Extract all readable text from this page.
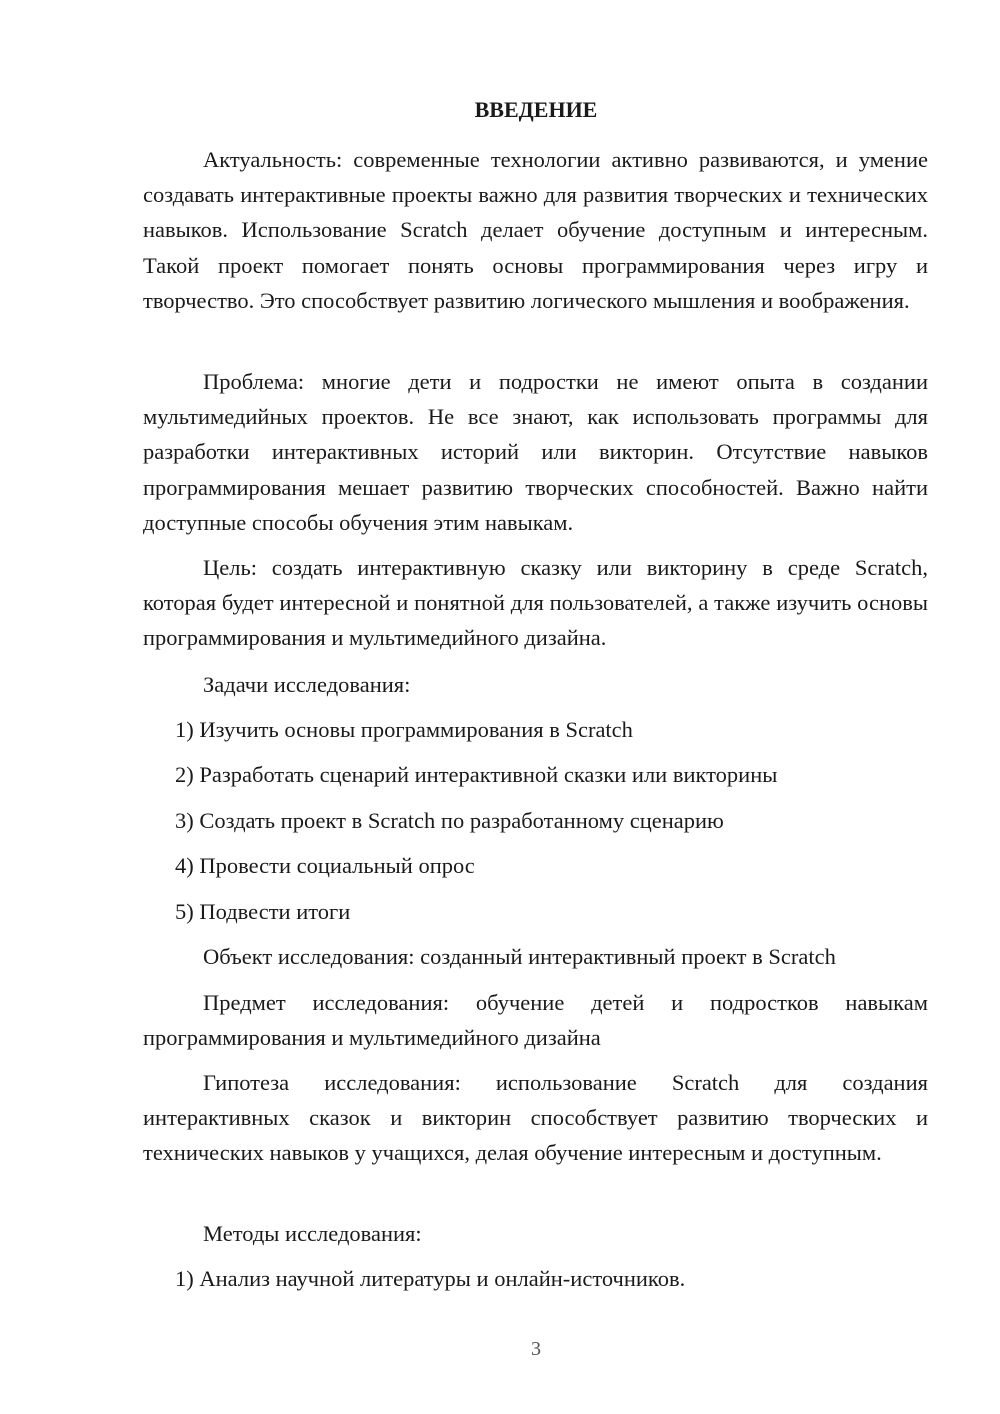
ВВЕДЕНИЕ

Актуальность: современные технологии активно развиваются, и умение создавать интерактивные проекты важно для развития творческих и технических навыков. Использование Scratch делает обучение доступным и интересным. Такой проект помогает понять основы программирования через игру и творчество. Это способствует развитию логического мышления и воображения.

Проблема: многие дети и подростки не имеют опыта в создании мультимедийных проектов. Не все знают, как использовать программы для разработки интерактивных историй или викторин. Отсутствие навыков программирования мешает развитию творческих способностей. Важно найти доступные способы обучения этим навыкам.

Цель: создать интерактивную сказку или викторину в среде Scratch, которая будет интересной и понятной для пользователей, а также изучить основы программирования и мультимедийного дизайна.

Задачи исследования:

1) Изучить основы программирования в Scratch

2) Разработать сценарий интерактивной сказки или викторины

3) Создать проект в Scratch по разработанному сценарию

4) Провести социальный опрос

5) Подвести итоги

Объект исследования: созданный интерактивный проект в Scratch

Предмет исследования: обучение детей и подростков навыкам программирования и мультимедийного дизайна

Гипотеза исследования: использование Scratch для создания интерактивных сказок и викторин способствует развитию творческих и технических навыков у учащихся, делая обучение интересным и доступным.

Методы исследования:

1) Анализ научной литературы и онлайн-источников.

3
